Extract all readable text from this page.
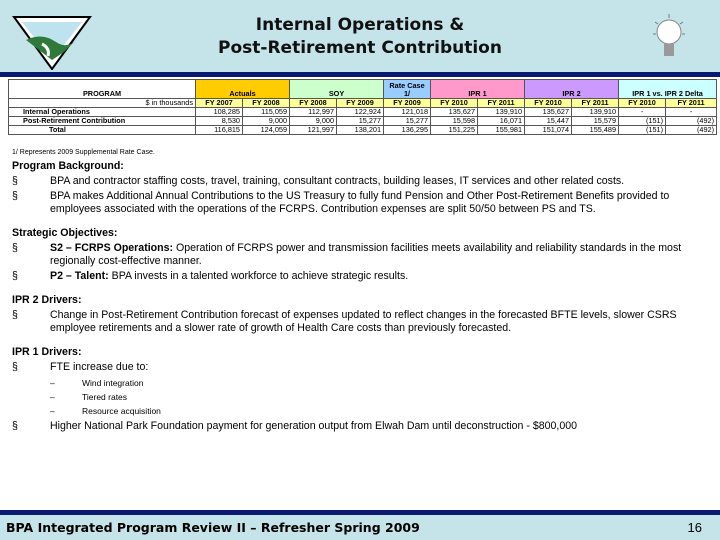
Internal Operations &
Post-Retirement Contribution
PROGRAM	Actuals		SOY		Rate Case 1/	IPR 1		IPR 2		IPR 1 vs. IPR 2 Delta	
$ in thousands	FY 2007	FY 2008	FY 2008	FY 2009	FY 2009	FY 2010	FY 2011	FY 2010	FY 2011	FY 2010	FY 2011
Internal Operations	108,285	115,059	112,997	122,924	121,018	135,627	139,910	135,627	139,910	-	-
Post-Retirement Contribution	8,530	9,000	9,000	15,277	15,277	15,598	16,071	15,447	15,579	(151)	(492)
Total	116,815	124,059	121,997	138,201	136,295	151,225	155,981	151,074	155,489	(151)	(492)
1/ Represents 2009 Supplemental Rate Case.
Program Background:
§	BPA and contractor staffing costs, travel, training, consultant contracts, building leases, IT services and other related costs.
§	BPA makes Additional Annual Contributions to the US Treasury to fully fund Pension and Other Post-Retirement Benefits provided to employees associated with the operations of the FCRPS. Contribution expenses are split 50/50 between PS and TS.
Strategic Objectives:
§	S2 – FCRPS Operations: Operation of FCRPS power and transmission facilities meets availability and reliability standards in the most regionally cost-effective manner.
§	P2 – Talent: BPA invests in a talented workforce to achieve strategic results.
IPR 2 Drivers:
§	Change in Post-Retirement Contribution forecast of expenses updated to reflect changes in the forecasted BFTE levels, slower CSRS employee retirements and a slower rate of growth of Health Care costs than previously forecasted.
IPR 1 Drivers:
§	FTE increase due to:
–	Wind integration
–	Tiered rates
–	Resource acquisition
§	Higher National Park Foundation payment for generation output from Elwah Dam until deconstruction - $800,000
BPA Integrated Program Review II – Refresher Spring 2009	16
